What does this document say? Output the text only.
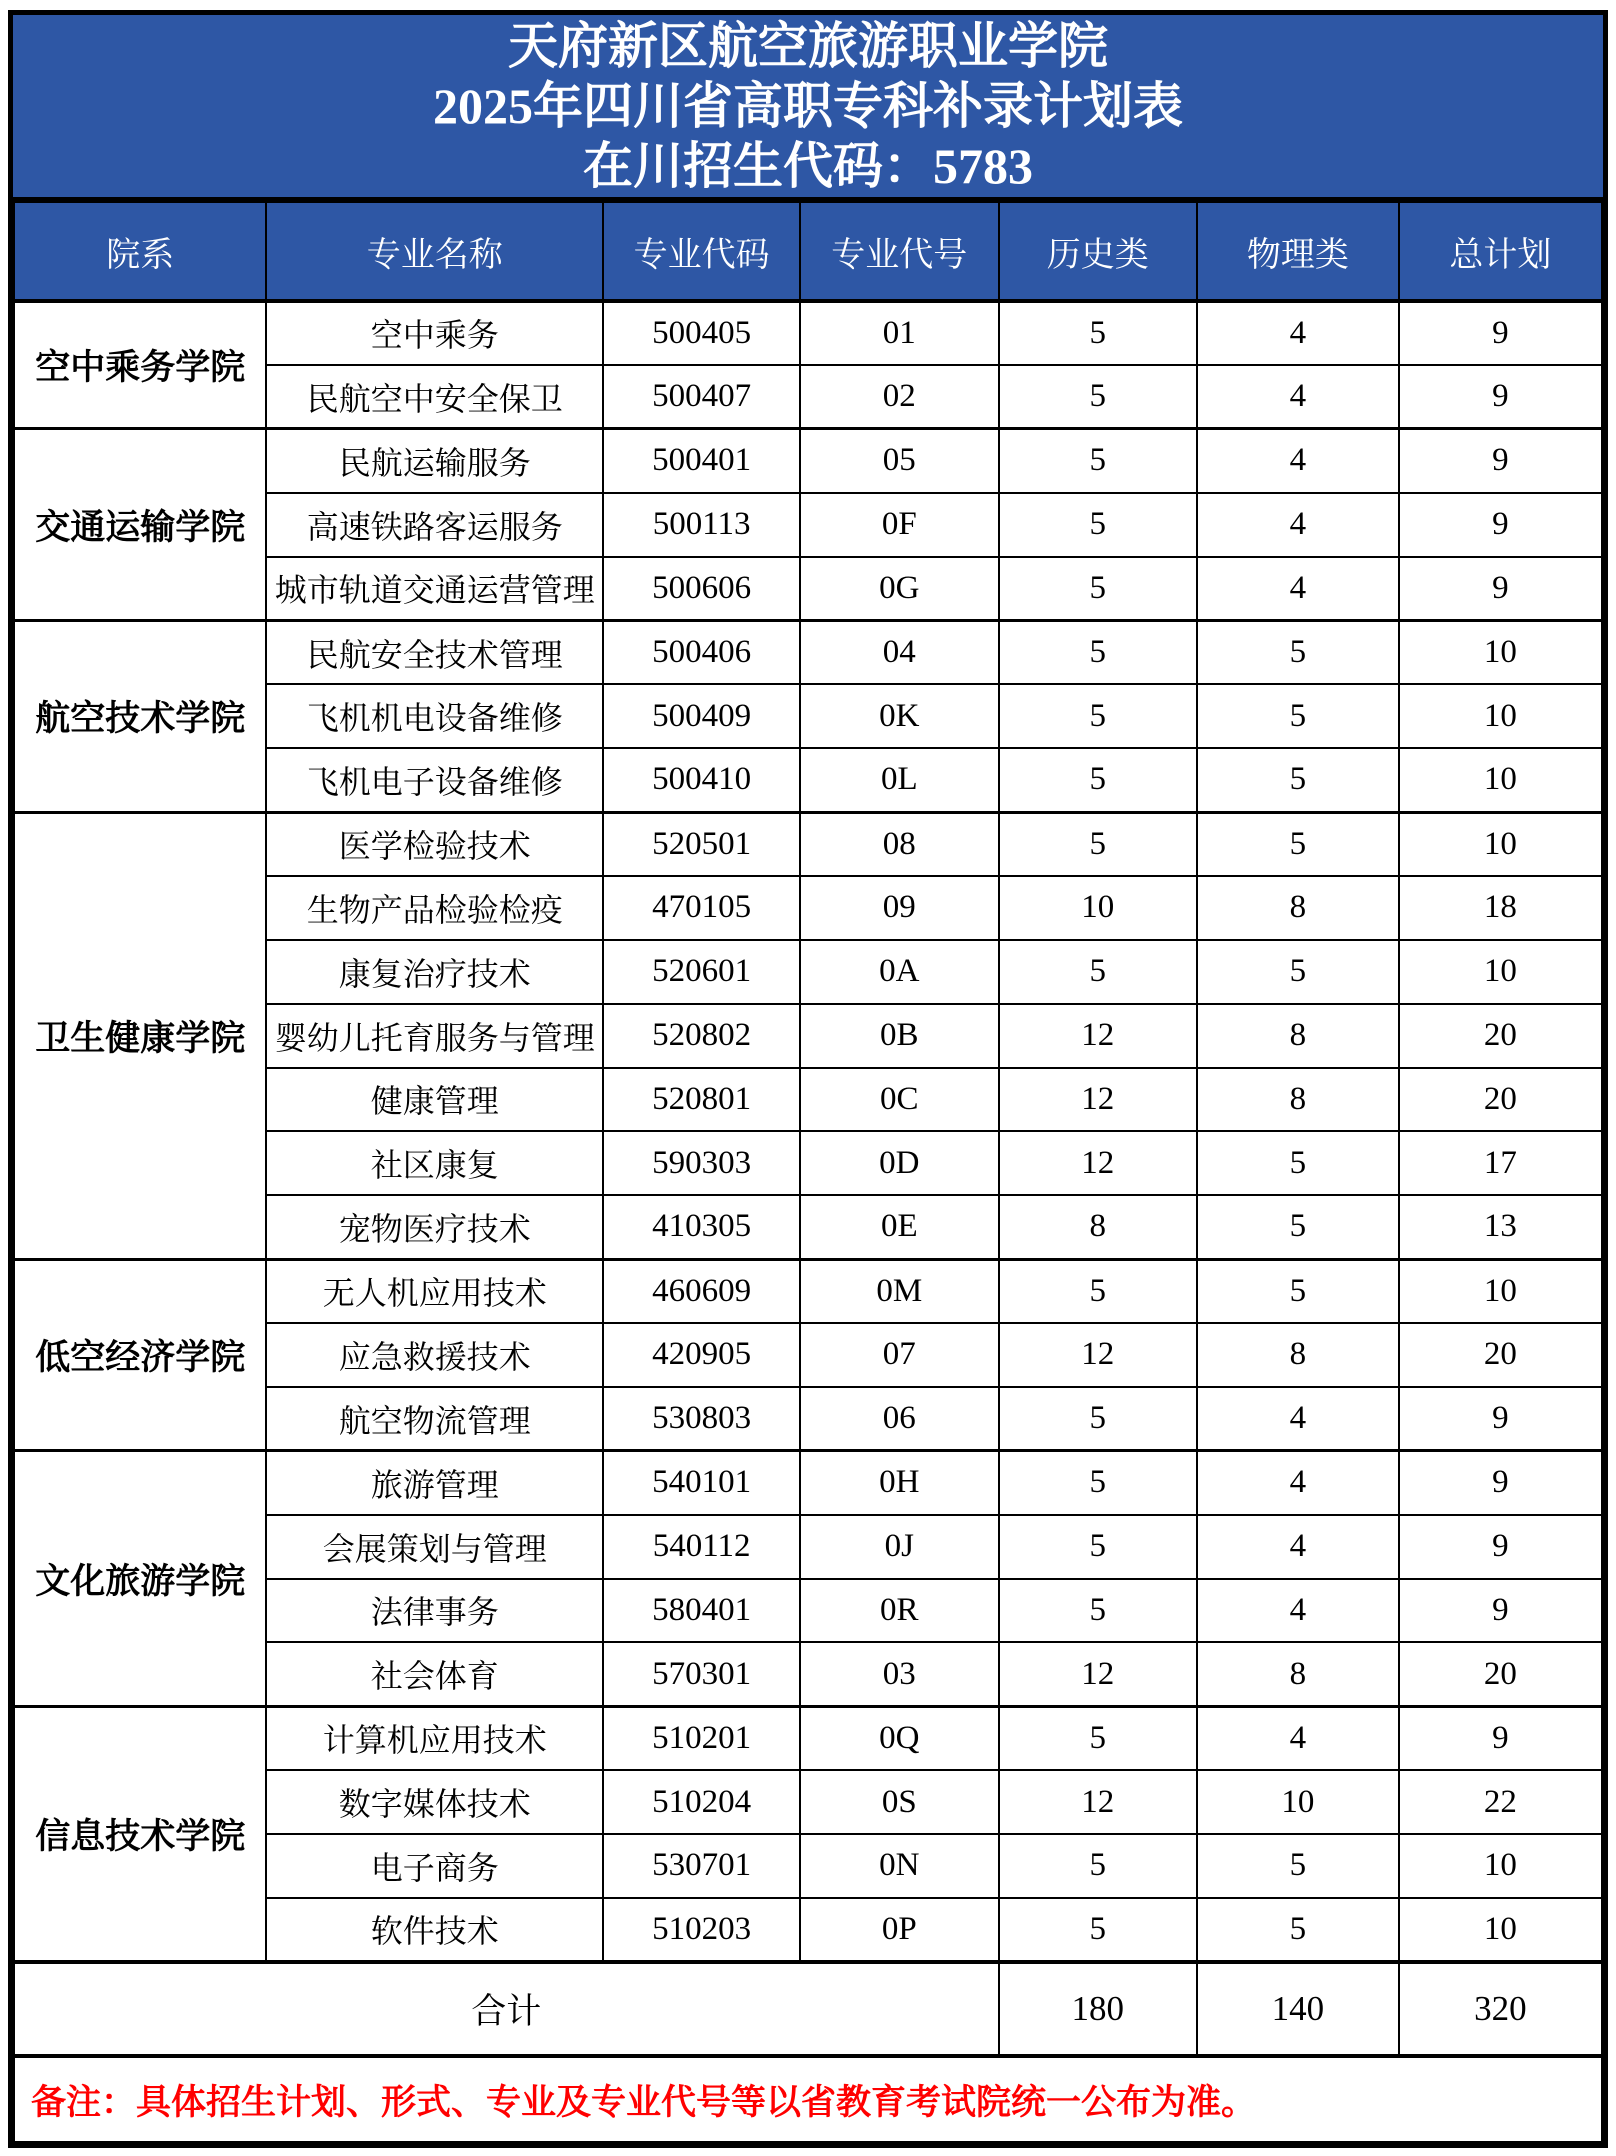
天府新区航空旅游职业学院
2025年四川省高职专科补录计划表
在川招生代码：5783
院系	专业名称	专业代码	专业代号	历史类	物理类	总计划
空中乘务学院	空中乘务	500405	01	5	4	9
	民航空中安全保卫	500407	02	5	4	9
交通运输学院	民航运输服务	500401	05	5	4	9
	高速铁路客运服务	500113	0F	5	4	9
	城市轨道交通运营管理	500606	0G	5	4	9
航空技术学院	民航安全技术管理	500406	04	5	5	10
	飞机机电设备维修	500409	0K	5	5	10
	飞机电子设备维修	500410	0L	5	5	10
卫生健康学院	医学检验技术	520501	08	5	5	10
	生物产品检验检疫	470105	09	10	8	18
	康复治疗技术	520601	0A	5	5	10
	婴幼儿托育服务与管理	520802	0B	12	8	20
	健康管理	520801	0C	12	8	20
	社区康复	590303	0D	12	5	17
	宠物医疗技术	410305	0E	8	5	13
低空经济学院	无人机应用技术	460609	0M	5	5	10
	应急救援技术	420905	07	12	8	20
	航空物流管理	530803	06	5	4	9
文化旅游学院	旅游管理	540101	0H	5	4	9
	会展策划与管理	540112	0J	5	4	9
	法律事务	580401	0R	5	4	9
	社会体育	570301	03	12	8	20
信息技术学院	计算机应用技术	510201	0Q	5	4	9
	数字媒体技术	510204	0S	12	10	22
	电子商务	530701	0N	5	5	10
	软件技术	510203	0P	5	5	10
合计				180	140	320
备注：具体招生计划、形式、专业及专业代号等以省教育考试院统一公布为准。						
